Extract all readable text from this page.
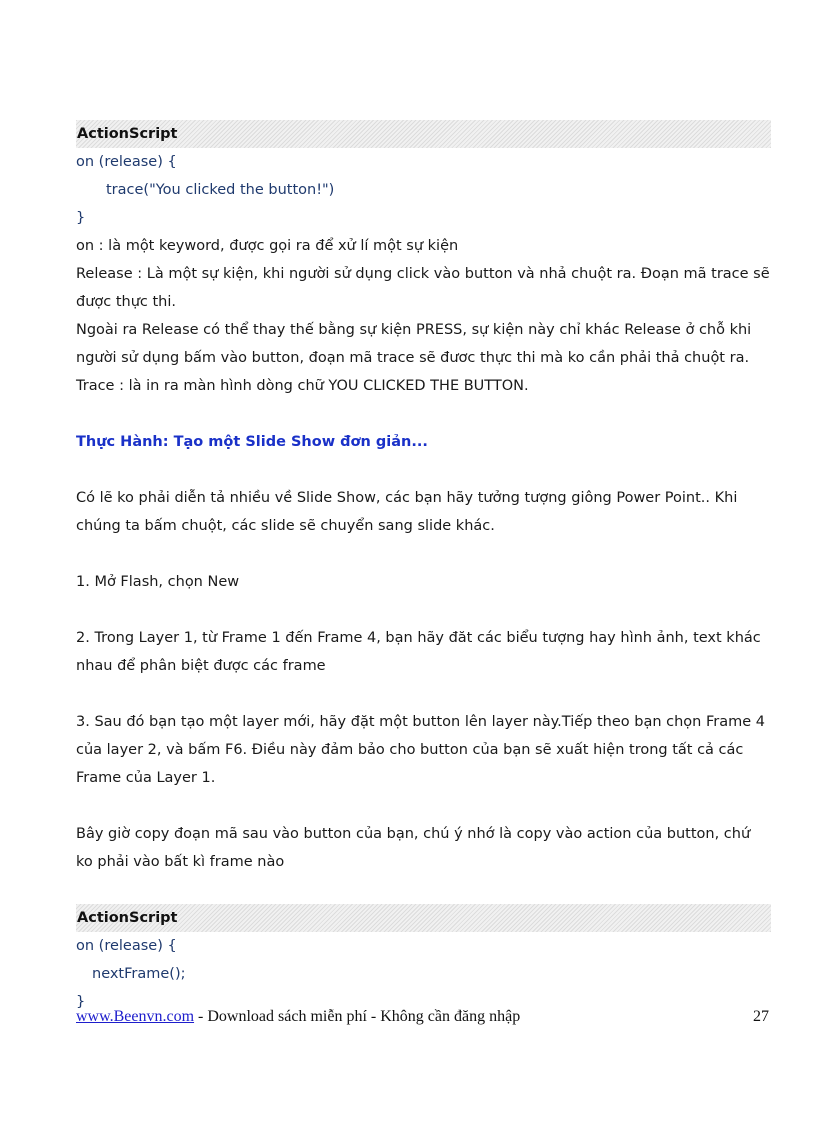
ActionScript
on (release) {
trace("You clicked the button!")
}
on : là một keyword, được gọi ra để xử lí một sự kiện
Release : Là một sự kiện, khi người sử dụng click vào button và nhả chuột ra. Đoạn mã trace sẽ được thực thi.
Ngoài ra Release có thể thay thế bằng sự kiện PRESS, sự kiện này chỉ khác Release ở chỗ khi người sử dụng bấm vào button, đoạn mã trace sẽ đươc thực thi mà ko cần phải thả chuột ra.
Trace : là in ra màn hình dòng chữ YOU CLICKED THE BUTTON.
Thực Hành: Tạo một Slide Show đơn giản...
Có lẽ ko phải diễn tả nhiều về Slide Show, các bạn hãy tưởng tượng giông Power Point.. Khi chúng ta bấm chuột, các slide sẽ chuyển sang slide khác.
1. Mở Flash, chọn New
2. Trong Layer 1, từ Frame 1 đến Frame 4, bạn hãy đăt các biểu tượng hay hình ảnh, text khác nhau để phân biệt được các frame
3. Sau đó bạn tạo một layer mới, hãy đặt một button lên layer này.Tiếp theo bạn chọn Frame 4 của layer 2, và bấm F6. Điều này đảm bảo cho button của bạn sẽ xuất hiện trong tất cả các Frame của Layer 1.
Bây giờ copy đoạn mã sau vào button của bạn, chú ý nhớ là copy vào action của button, chứ ko phải vào bất kì frame nào
ActionScript
on (release) {
nextFrame();
}
www.Beenvn.com - Download sách miễn phí - Không cần đăng nhập	27
